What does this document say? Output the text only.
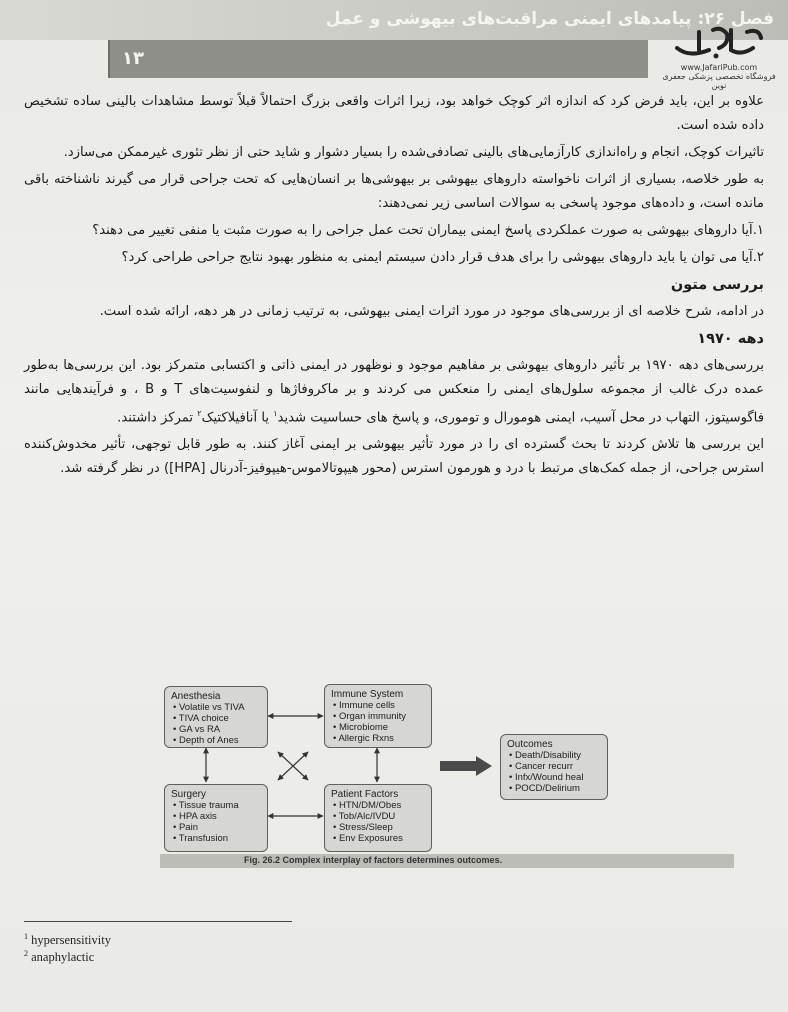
فصل ۲۶: پیامدهای ایمنی مراقبت‌های بیهوشی و عمل
۱۳	www.JafariPub.com
فروشگاه تخصصی پزشکی جعفری نوین

علاوه بر این، باید فرض کرد که اندازه اثر کوچک خواهد بود، زیرا اثرات واقعی بزرگ احتمالاً قبلاً توسط مشاهدات بالینی ساده تشخیص داده شده است.

تاثیرات کوچک، انجام و راه‌اندازی کارآزمایی‌های بالینی تصادفی‌شده را بسیار دشوار و شاید حتی از نظر تئوری غیرممکن می‌سازد.

به طور خلاصه، بسیاری از اثرات ناخواسته داروهای بیهوشی بر بیهوشی‌ها بر انسان‌هایی که تحت جراحی قرار می گیرند ناشناخته باقی مانده است، و داده‌های موجود پاسخی به سوالات اساسی زیر نمی‌دهند:

۱.آیا داروهای بیهوشی به صورت عملکردی پاسخ ایمنی بیماران تحت عمل جراحی را به صورت مثبت یا منفی تغییر می دهند؟

۲.آیا می توان یا باید داروهای بیهوشی را برای هدف قرار دادن سیستم ایمنی به منظور بهبود نتایج جراحی طراحی کرد؟

بررسی متون

در ادامه، شرح خلاصه ای از بررسی‌های موجود در مورد اثرات ایمنی بیهوشی، به ترتیب زمانی در هر دهه، ارائه شده است.

دهه ۱۹۷۰

بررسی‌های دهه ۱۹۷۰ بر تأثیر داروهای بیهوشی بر مفاهیم موجود و نوظهور در ایمنی ذاتی و اکتسابی متمرکز بود. این بررسی‌ها به‌طور عمده درک غالب از مجموعه سلول‌های ایمنی را منعکس می کردند و بر ماکروفاژها و لنفوسیت‌های T و B ، و فرآیندهایی مانند فاگوسیتوز، التهاب در محل آسیب، ایمنی هومورال و توموری، و پاسخ های حساسیت شدید$^۱$ یا آنافیلاکتیک$^۲$ تمرکز داشتند.

این بررسی ها تلاش کردند تا بحث گسترده ای را در مورد تأثیر بیهوشی بر ایمنی آغاز کنند. به طور قابل توجهی، تأثیر مخدوش‌کننده استرس جراحی، از جمله کمک‌های مرتبط با درد و هورمون استرس (محور هیپوتالاموس-هیپوفیز-آدرنال [HPA]) در نظر گرفته شد.

Anesthesia
• Volatile vs TIVA
• TIVA choice
• GA vs RA
• Depth of Anes
Immune System
• Immune cells
• Organ immunity
• Microbiome
• Allergic Rxns
Surgery
• Tissue trauma
• HPA axis
• Pain
• Transfusion
Patient Factors
• HTN/DM/Obes
• Tob/Alc/IVDU
• Stress/Sleep
• Env Exposures
Outcomes
• Death/Disability
• Cancer recurr
• Infx/Wound heal
• POCD/Delirium
Fig. 26.2 Complex interplay of factors determines outcomes.
$^1$ hypersensitivity
$^2$ anaphylactic
